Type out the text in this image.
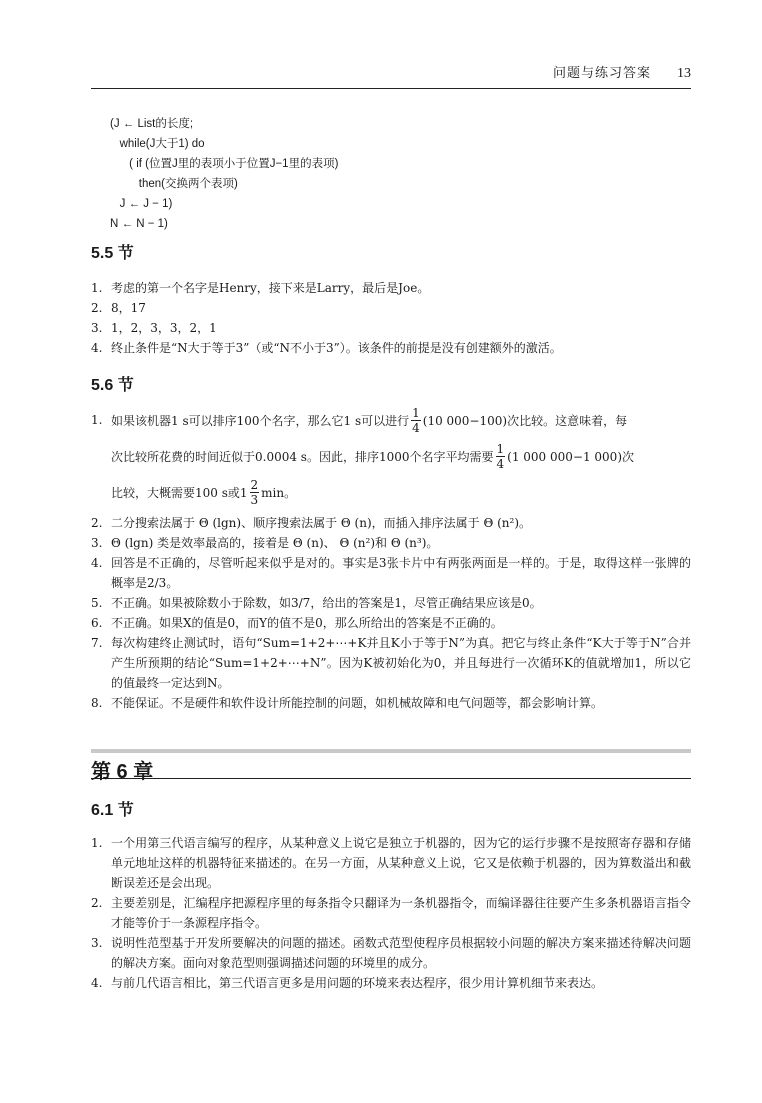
问题与练习答案 13
(J ← List的长度;
while(J大于1) do
( if (位置J里的表项小于位置J−1里的表项)
then(交换两个表项)
J ← J − 1)
N ← N − 1)
5.5 节
1. 考虑的第一个名字是Henry，接下来是Larry，最后是Joe。
2. 8，17
3. 1，2，3，3，2，1
4. 终止条件是“N大于等于3”（或“N不小于3”）。该条件的前提是没有创建额外的激活。
5.6 节
1. 如果该机器1 s可以排序100个名字，那么它1 s可以进行 $\frac{1}{4} (10$ 000−100)次比较。这意味着，每
次比较所花费的时间近似于0.0004 s。因此，排序1000个名字平均需要 $\frac{1}{4} (1$ 000 000−1 000)次
比较，大概需要100 s或$1 \frac{2}{3}$ min。
2. 二分搜索法属于 Θ (lgn)、顺序搜索法属于 Θ (n)，而插入排序法属于 Θ (n²)。
3. Θ (lgn) 类是效率最高的，接着是 Θ (n)、 Θ (n²)和 Θ (n³)。
4. 回答是不正确的，尽管听起来似乎是对的。事实是3张卡片中有两张两面是一样的。于是，取得这样一张牌的概率是2/3。
5. 不正确。如果被除数小于除数，如3/7，给出的答案是1，尽管正确结果应该是0。
6. 不正确。如果X的值是0，而Y的值不是0，那么所给出的答案是不正确的。
7. 每次构建终止测试时，语句“Sum=1+2+⋯+K并且K小于等于N”为真。把它与终止条件“K大于等于N”合并产生所预期的结论“Sum=1+2+⋯+N”。因为K被初始化为0，并且每进行一次循环K的值就增加1，所以它的值最终一定达到N。
8. 不能保证。不是硬件和软件设计所能控制的问题，如机械故障和电气问题等，都会影响计算。
第 6 章
6.1 节
1. 一个用第三代语言编写的程序，从某种意义上说它是独立于机器的，因为它的运行步骤不是按照寄存器和存储单元地址这样的机器特征来描述的。在另一方面，从某种意义上说，它又是依赖于机器的，因为算数溢出和截断误差还是会出现。
2. 主要差别是，汇编程序把源程序里的每条指令只翻译为一条机器指令，而编译器往往要产生多条机器语言指令才能等价于一条源程序指令。
3. 说明性范型基于开发所要解决的问题的描述。函数式范型使程序员根据较小问题的解决方案来描述待解决问题的解决方案。面向对象范型则强调描述问题的环境里的成分。
4. 与前几代语言相比，第三代语言更多是用问题的环境来表达程序，很少用计算机细节来表达。
